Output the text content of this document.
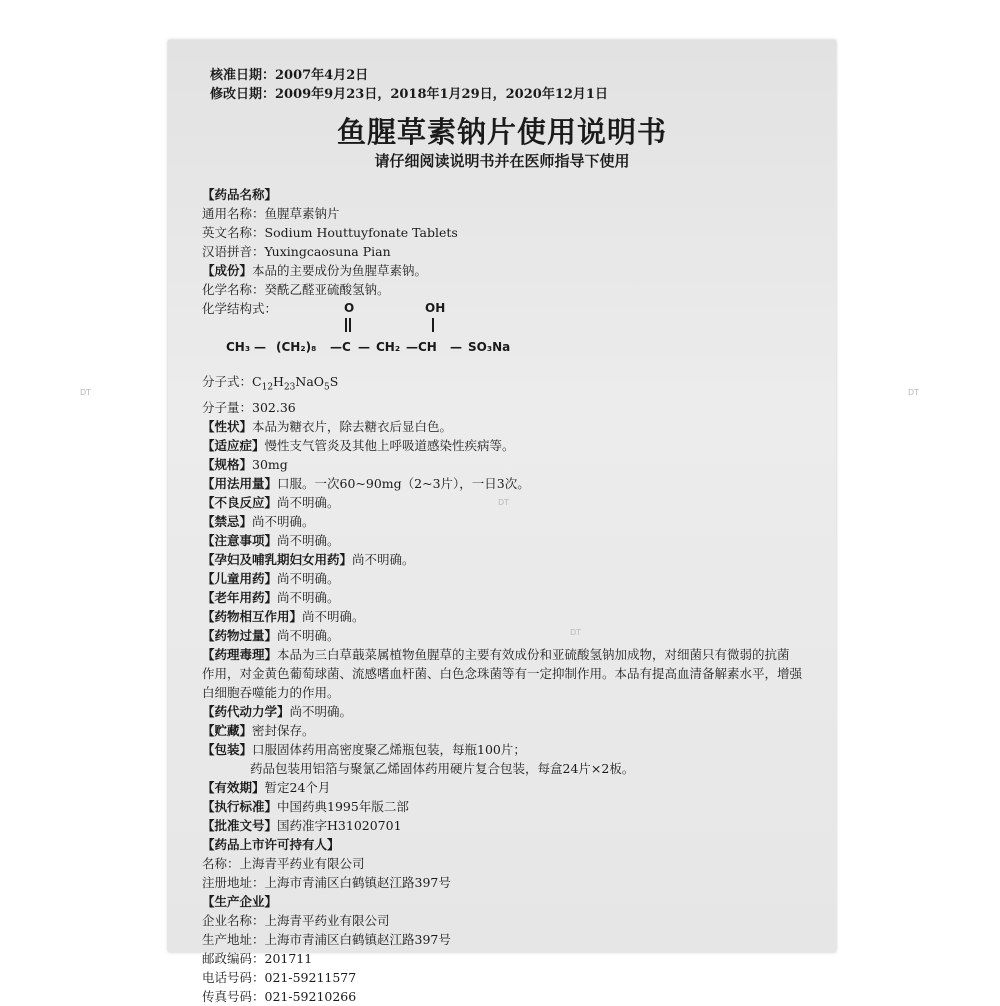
DT
DT
DT
DT
核准日期：2007年4月2日
修改日期：2009年9月23日，2018年1月29日，2020年12月1日
鱼腥草素钠片使用说明书
请仔细阅读说明书并在医师指导下使用
【药品名称】
通用名称：鱼腥草素钠片
英文名称：Sodium Houttuyfonate Tablets
汉语拼音：Yuxingcaosuna Pian
【成份】本品的主要成份为鱼腥草素钠。
化学名称：癸酰乙醛亚硫酸氢钠。
化学结构式：	O	OH
CH₃ — (CH₂)₈ —C — CH₂ —CH — SO₃Na
分子式：$C_{12}H_{23}NaO_5S$
分子量：302.36
【性状】本品为糖衣片，除去糖衣后显白色。
【适应症】慢性支气管炎及其他上呼吸道感染性疾病等。
【规格】30mg
【用法用量】口服。一次60~90mg（2~3片），一日3次。
【不良反应】尚不明确。
【禁忌】尚不明确。
【注意事项】尚不明确。
【孕妇及哺乳期妇女用药】尚不明确。
【儿童用药】尚不明确。
【老年用药】尚不明确。
【药物相互作用】尚不明确。
【药物过量】尚不明确。
【药理毒理】本品为三白草蕺菜属植物鱼腥草的主要有效成份和亚硫酸氢钠加成物，对细菌只有微弱的抗菌作用，对金黄色葡萄球菌、流感嗜血杆菌、白色念珠菌等有一定抑制作用。本品有提高血清备解素水平，增强白细胞吞噬能力的作用。
【药代动力学】尚不明确。
【贮藏】密封保存。
【包装】口服固体药用高密度聚乙烯瓶包装，每瓶100片；
药品包装用铝箔与聚氯乙烯固体药用硬片复合包装，每盒24片×2板。
【有效期】暂定24个月
【执行标准】中国药典1995年版二部
【批准文号】国药准字H31020701
【药品上市许可持有人】
名称：上海青平药业有限公司
注册地址：上海市青浦区白鹤镇赵江路397号
【生产企业】
企业名称：上海青平药业有限公司
生产地址：上海市青浦区白鹤镇赵江路397号
邮政编码：201711
电话号码：021-59211577
传真号码：021-59210266
